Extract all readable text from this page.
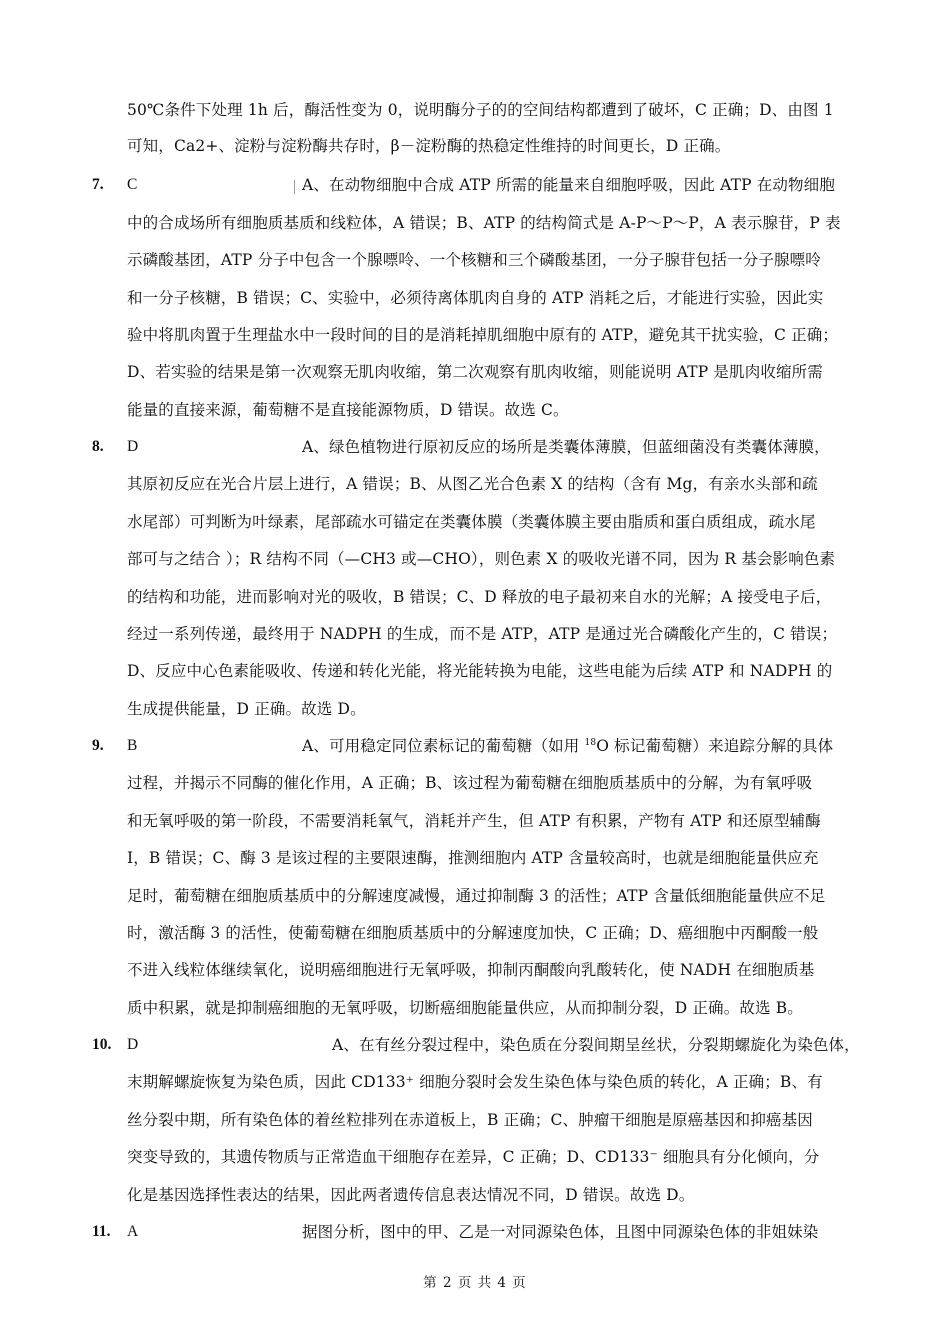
50℃条件下处理 1h 后，酶活性变为 0，说明酶分子的的空间结构都遭到了破坏，C 正确；D、由图 1
可知，Ca2+、淀粉与淀粉酶共存时，β－淀粉酶的热稳定性维持的时间更长，D 正确。
7. C	A、在动物细胞中合成 ATP 所需的能量来自细胞呼吸，因此 ATP 在动物细胞
中的合成场所有细胞质基质和线粒体，A 错误；B、ATP 的结构简式是 A-P～P～P，A 表示腺苷，P 表
示磷酸基团，ATP 分子中包含一个腺嘌呤、一个核糖和三个磷酸基团，一分子腺苷包括一分子腺嘌呤
和一分子核糖，B 错误；C、实验中，必须待离体肌肉自身的 ATP 消耗之后，才能进行实验，因此实
验中将肌肉置于生理盐水中一段时间的目的是消耗掉肌细胞中原有的 ATP，避免其干扰实验，C 正确；
D、若实验的结果是第一次观察无肌肉收缩，第二次观察有肌肉收缩，则能说明 ATP 是肌肉收缩所需
能量的直接来源，葡萄糖不是直接能源物质，D 错误。故选 C。
8. D	A、绿色植物进行原初反应的场所是类囊体薄膜，但蓝细菌没有类囊体薄膜，
其原初反应在光合片层上进行，A 错误；B、从图乙光合色素 X 的结构（含有 Mg，有亲水头部和疏
水尾部）可判断为叶绿素，尾部疏水可锚定在类囊体膜（类囊体膜主要由脂质和蛋白质组成，疏水尾
部可与之结合 ）；R 结构不同（—CH3 或—CHO），则色素 X 的吸收光谱不同，因为 R 基会影响色素
的结构和功能，进而影响对光的吸收，B 错误；C、D 释放的电子最初来自水的光解；A 接受电子后，
经过一系列传递，最终用于 NADPH 的生成，而不是 ATP，ATP 是通过光合磷酸化产生的，C 错误；
D、反应中心色素能吸收、传递和转化光能，将光能转换为电能，这些电能为后续 ATP 和 NADPH 的
生成提供能量，D 正确。故选 D。
9. B	A、可用稳定同位素标记的葡萄糖（如用 $^{18}$O 标记葡萄糖）来追踪分解的具体
过程，并揭示不同酶的催化作用，A 正确；B、该过程为葡萄糖在细胞质基质中的分解，为有氧呼吸
和无氧呼吸的第一阶段，不需要消耗氧气，消耗并产生，但 ATP 有积累，产物有 ATP 和还原型辅酶
I，B 错误；C、酶 3 是该过程的主要限速酶，推测细胞内 ATP 含量较高时，也就是细胞能量供应充
足时，葡萄糖在细胞质基质中的分解速度减慢，通过抑制酶 3 的活性；ATP 含量低细胞能量供应不足
时，激活酶 3 的活性，使葡萄糖在细胞质基质中的分解速度加快，C 正确；D、癌细胞中丙酮酸一般
不进入线粒体继续氧化，说明癌细胞进行无氧呼吸，抑制丙酮酸向乳酸转化，使 NADH 在细胞质基
质中积累，就是抑制癌细胞的无氧呼吸，切断癌细胞能量供应，从而抑制分裂，D 正确。故选 B。
10. D	A、在有丝分裂过程中，染色质在分裂间期呈丝状，分裂期螺旋化为染色体，
末期解螺旋恢复为染色质，因此 CD133⁺ 细胞分裂时会发生染色体与染色质的转化，A 正确；B、有
丝分裂中期，所有染色体的着丝粒排列在赤道板上，B 正确；C、肿瘤干细胞是原癌基因和抑癌基因
突变导致的，其遗传物质与正常造血干细胞存在差异，C 正确；D、CD133⁻ 细胞具有分化倾向，分
化是基因选择性表达的结果，因此两者遗传信息表达情况不同，D 错误。故选 D。
11. A	据图分析，图中的甲、乙是一对同源染色体，且图中同源染色体的非姐妹染
第 2 页 共 4 页
